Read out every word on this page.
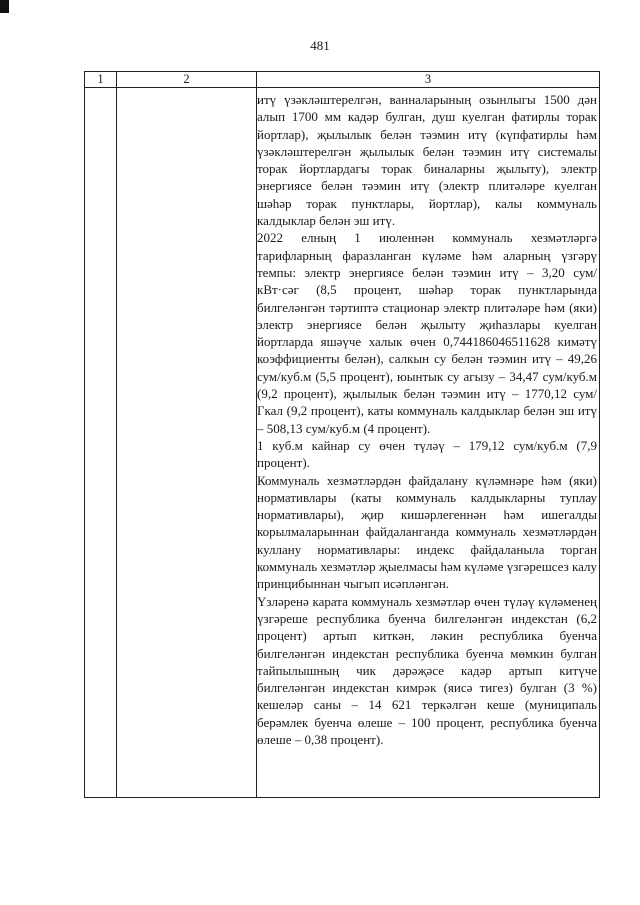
481
1	2	3

итү үзәкләштерелгән, ванналарының озынлыгы 1500 дән алып 1700 мм кадәр булган, душ куелган фатирлы торак йортлар), җылылык белән тәэмин итү (күпфатирлы һәм үзәкләштерелгән җылылык белән тәэмин итү системалы торак йортлардагы торак биналарны җылыту), электр энергиясе белән тәэмин итү (электр плитәләре куелган шәһәр торак пунктлары, йортлар), калы коммуналь калдыклар белән эш итү.

2022 елның 1 июленнән коммуналь хезмәтләргә тарифларның фаразланган күләме һәм аларның үзгәрү темпы: электр энергиясе белән тәэмин итү – 3,20 сум/кВт·сәг (8,5 процент, шәһәр торак пунктларында билгеләнгән тәртиптә стационар электр плитәләре һәм (яки) электр энергиясе белән җылыту җиһазлары куелган йортларда яшәүче халык өчен 0,744186046511628 кимәтү коэффициенты белән), салкын су белән тәэмин итү – 49,26 сум/куб.м (5,5 процент), юынтык су агызу – 34,47 сум/куб.м (9,2 процент), җылылык белән тәэмин итү – 1770,12 сум/Гкал (9,2 процент), каты коммуналь калдыклар белән эш итү – 508,13 сум/куб.м (4 процент).

1 куб.м кайнар су өчен түләү – 179,12 сум/куб.м (7,9 процент).

Коммуналь хезмәтләрдән файдалану күләмнәре һәм (яки) нормативлары (каты коммуналь калдыкларны туплау нормативлары), җир кишәрлегеннән һәм ишегалды корылмаларыннан файдаланганда коммуналь хезмәтләрдән куллану нормативлары: индекс файдаланыла торган коммуналь хезмәтләр җыелмасы һәм күләме үзгәрешсез калу принцибыннан чыгып исәпләнгән.

Үзләренә карата коммуналь хезмәтләр өчен түләү күләменең үзгәреше республика буенча билгеләнгән индекстан (6,2 процент) артып киткән, ләкин республика буенча билгеләнгән индекстан республика буенча мөмкин булган тайпылышның чик дәрәҗәсе кадәр артып китүче билгеләнгән индекстан кимрәк (яисә тигез) булган (3 %) кешеләр саны – 14 621 теркәлгән кеше (муниципаль берәмлек буенча өлеше – 100 процент, республика буенча өлеше – 0,38 процент).
